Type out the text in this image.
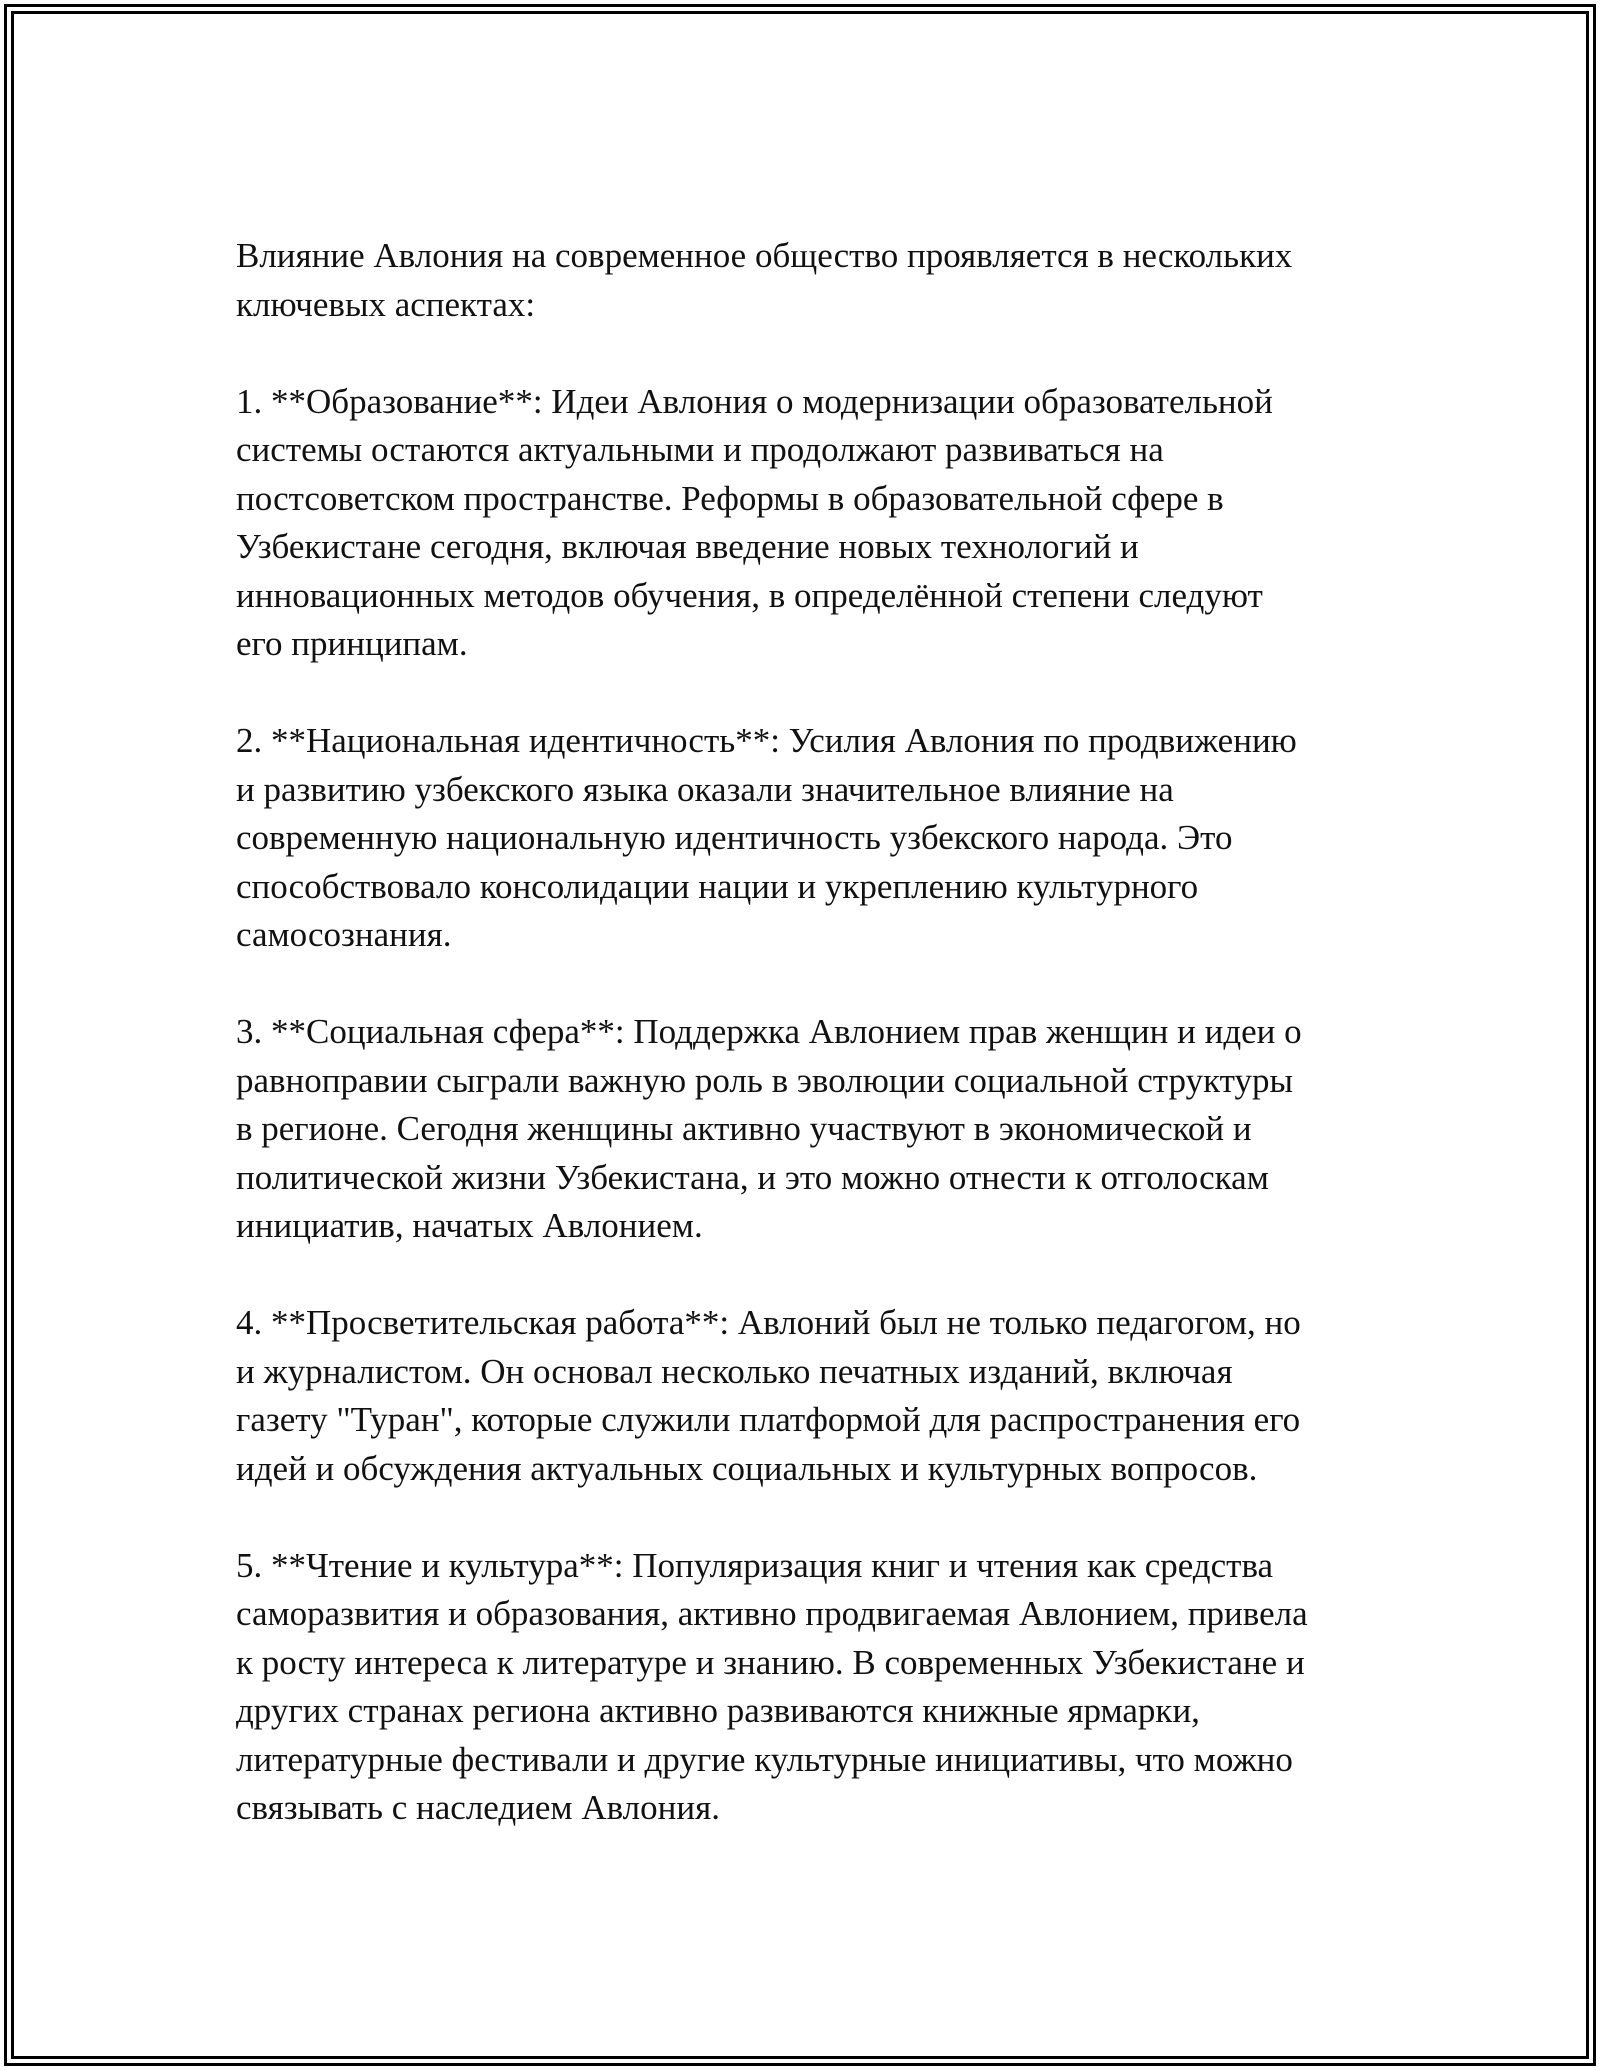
Влияние Авлония на современное общество проявляется в нескольких
ключевых аспектах:

1. **Образование**: Идеи Авлония о модернизации образовательной
системы остаются актуальными и продолжают развиваться на
постсоветском пространстве. Реформы в образовательной сфере в
Узбекистане сегодня, включая введение новых технологий и
инновационных методов обучения, в определённой степени следуют
его принципам.

2. **Национальная идентичность**: Усилия Авлония по продвижению
и развитию узбекского языка оказали значительное влияние на
современную национальную идентичность узбекского народа. Это
способствовало консолидации нации и укреплению культурного
самосознания.

3. **Социальная сфера**: Поддержка Авлонием прав женщин и идеи о
равноправии сыграли важную роль в эволюции социальной структуры
в регионе. Сегодня женщины активно участвуют в экономической и
политической жизни Узбекистана, и это можно отнести к отголоскам
инициатив, начатых Авлонием.

4. **Просветительская работа**: Авлоний был не только педагогом, но
и журналистом. Он основал несколько печатных изданий, включая
газету "Туран", которые служили платформой для распространения его
идей и обсуждения актуальных социальных и культурных вопросов.

5. **Чтение и культура**: Популяризация книг и чтения как средства
саморазвития и образования, активно продвигаемая Авлонием, привела
к росту интереса к литературе и знанию. В современных Узбекистане и
других странах региона активно развиваются книжные ярмарки,
литературные фестивали и другие культурные инициативы, что можно
связывать с наследием Авлония.
